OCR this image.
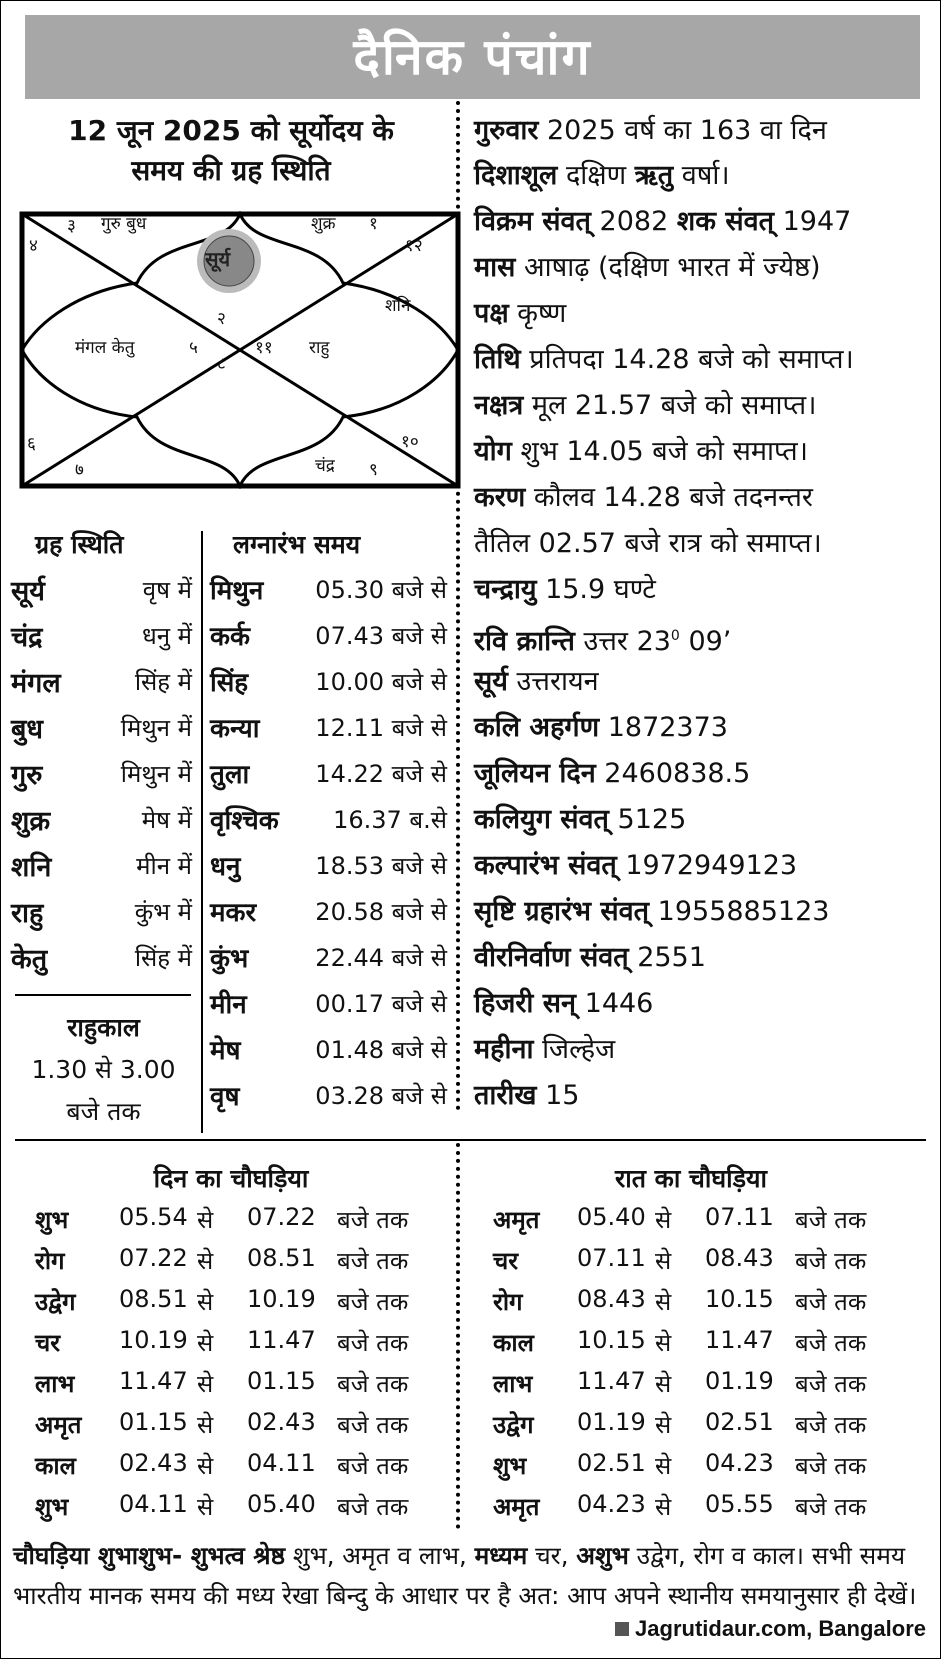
दैनिक पंचांग
12 जून 2025 को सूर्योदय के
समय की ग्रह स्थिति
३ गुरु बुध
४
शुक्र १
१२
सूर्य
२
शनि
मंगल केतु	५	११ राहु
८
६
७
१०
चंद्र ९
गुरुवार 2025 वर्ष का 163 वा दिन
दिशाशूल दक्षिण ऋतु वर्षा।
विक्रम संवत् 2082 शक संवत् 1947
मास आषाढ़ (दक्षिण भारत में ज्येष्ठ)
पक्ष कृष्ण
तिथि प्रतिपदा 14.28 बजे को समाप्त।
नक्षत्र मूल 21.57 बजे को समाप्त।
योग शुभ 14.05 बजे को समाप्त।
करण कौलव 14.28 बजे तदनन्तर
तैतिल 02.57 बजे रात्र को समाप्त।
चन्द्रायु 15.9 घण्टे
रवि क्रान्ति उत्तर $23^0$ 09’
सूर्य उत्तरायन
कलि अहर्गण 1872373
जूलियन दिन 2460838.5
कलियुग संवत् 5125
कल्पारंभ संवत् 1972949123
सृष्टि ग्रहारंभ संवत् 1955885123
वीरनिर्वाण संवत् 2551
हिजरी सन् 1446
महीना जिल्हेज
तारीख 15
ग्रह स्थिति	लग्नारंभ समय
राहुकाल
1.30 से 3.00
बजे तक
दिन का चौघड़िया	रात का चौघड़िया
चौघड़िया शुभाशुभ- शुभत्व श्रेष्ठ शुभ, अमृत व लाभ, मध्यम चर, अशुभ उद्वेग, रोग व काल। सभी समय भारतीय मानक समय की मध्य रेखा बिन्दु के आधार पर है अत: आप अपने स्थानीय समयानुसार ही देखें।
Jagrutidaur.com, Bangalore
सूर्य	वृष में
चंद्र	धनु में
मंगल	सिंह में
बुध	मिथुन में
गुरु	मिथुन में
शुक्र	मेष में
शनि	मीन में
राहु	कुंभ में
केतु	सिंह में
मिथुन	05.30 बजे से
कर्क	07.43 बजे से
सिंह	10.00 बजे से
कन्या	12.11 बजे से
तुला	14.22 बजे से
वृश्चिक	16.37 ब.से
धनु	18.53 बजे से
मकर	20.58 बजे से
कुंभ	22.44 बजे से
मीन	00.17 बजे से
मेष	01.48 बजे से
वृष	03.28 बजे से
शुभ 05.54 से 07.22 बजे तक
रोग 07.22 से 08.51 बजे तक
उद्वेग 08.51 से 10.19 बजे तक
चर 10.19 से 11.47 बजे तक
लाभ 11.47 से 01.15 बजे तक
अमृत 01.15 से 02.43 बजे तक
काल 02.43 से 04.11 बजे तक
शुभ 04.11 से 05.40 बजे तक
अमृत 05.40 से 07.11 बजे तक
चर 07.11 से 08.43 बजे तक
रोग 08.43 से 10.15 बजे तक
काल 10.15 से 11.47 बजे तक
लाभ 11.47 से 01.19 बजे तक
उद्वेग 01.19 से 02.51 बजे तक
शुभ 02.51 से 04.23 बजे तक
अमृत 04.23 से 05.55 बजे तक
